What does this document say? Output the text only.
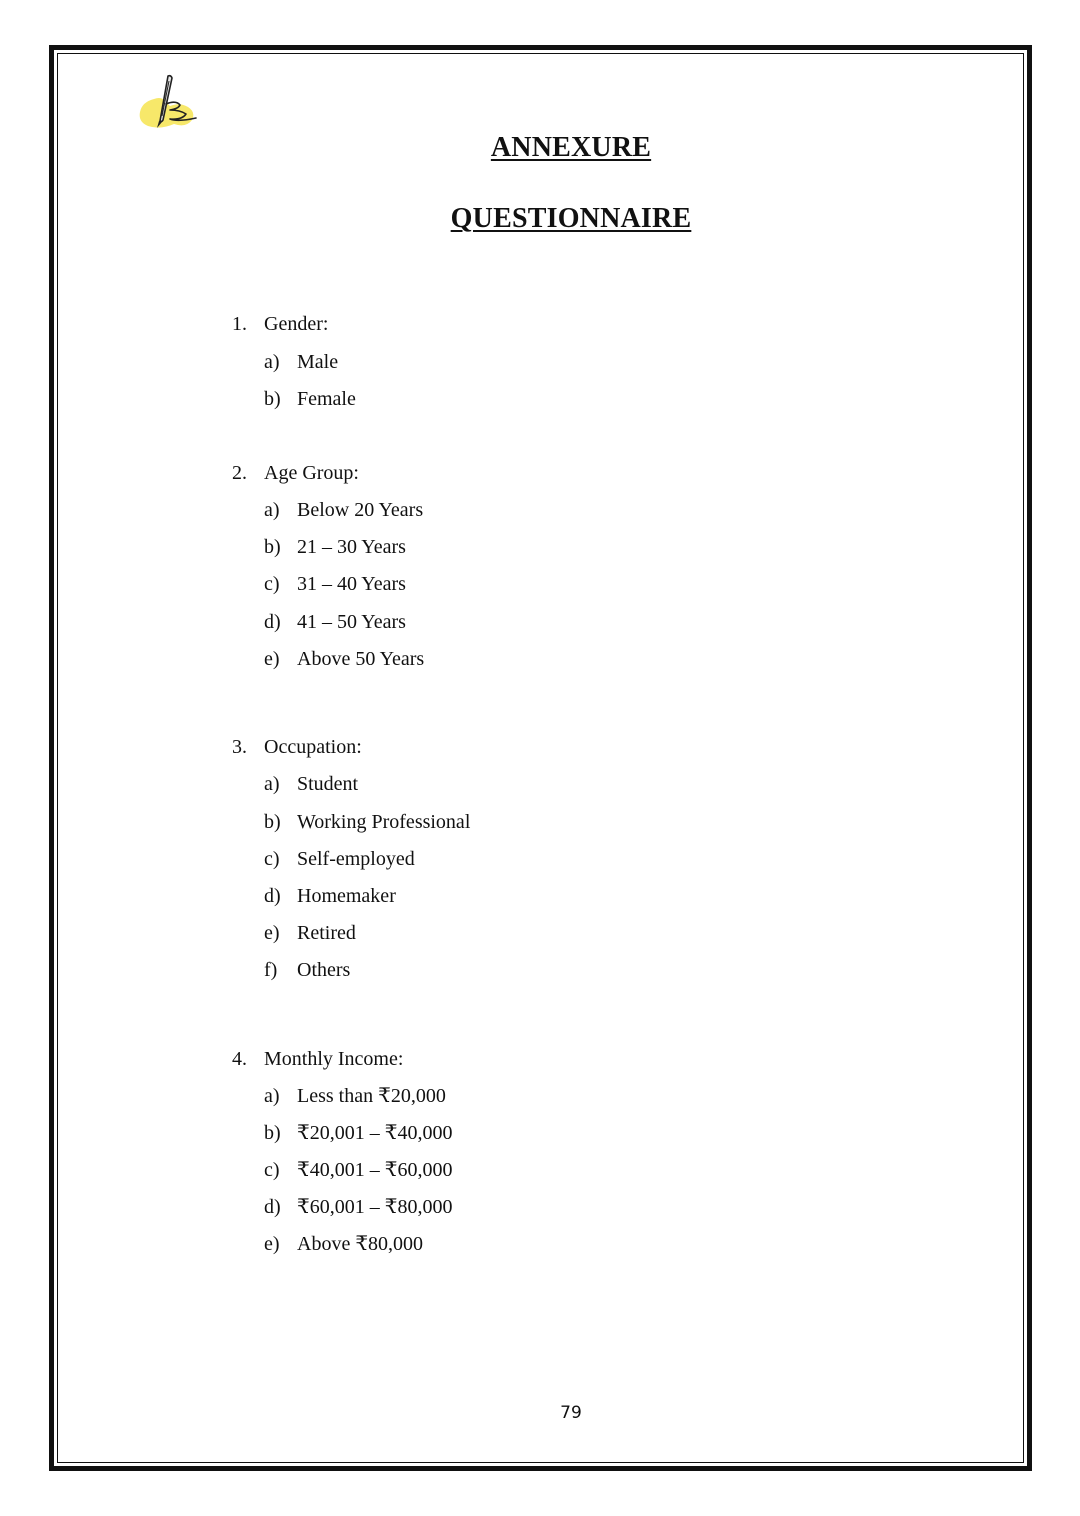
ANNEXURE
QUESTIONNAIRE
1. Gender:
a) Male
b) Female
2. Age Group:
a) Below 20 Years
b) 21 – 30 Years
c) 31 – 40 Years
d) 41 – 50 Years
e) Above 50 Years
3. Occupation:
a) Student
b) Working Professional
c) Self-employed
d) Homemaker
e) Retired
f) Others
4. Monthly Income:
a) Less than ₹20,000
b) ₹20,001 – ₹40,000
c) ₹40,001 – ₹60,000
d) ₹60,001 – ₹80,000
e) Above ₹80,000
79
